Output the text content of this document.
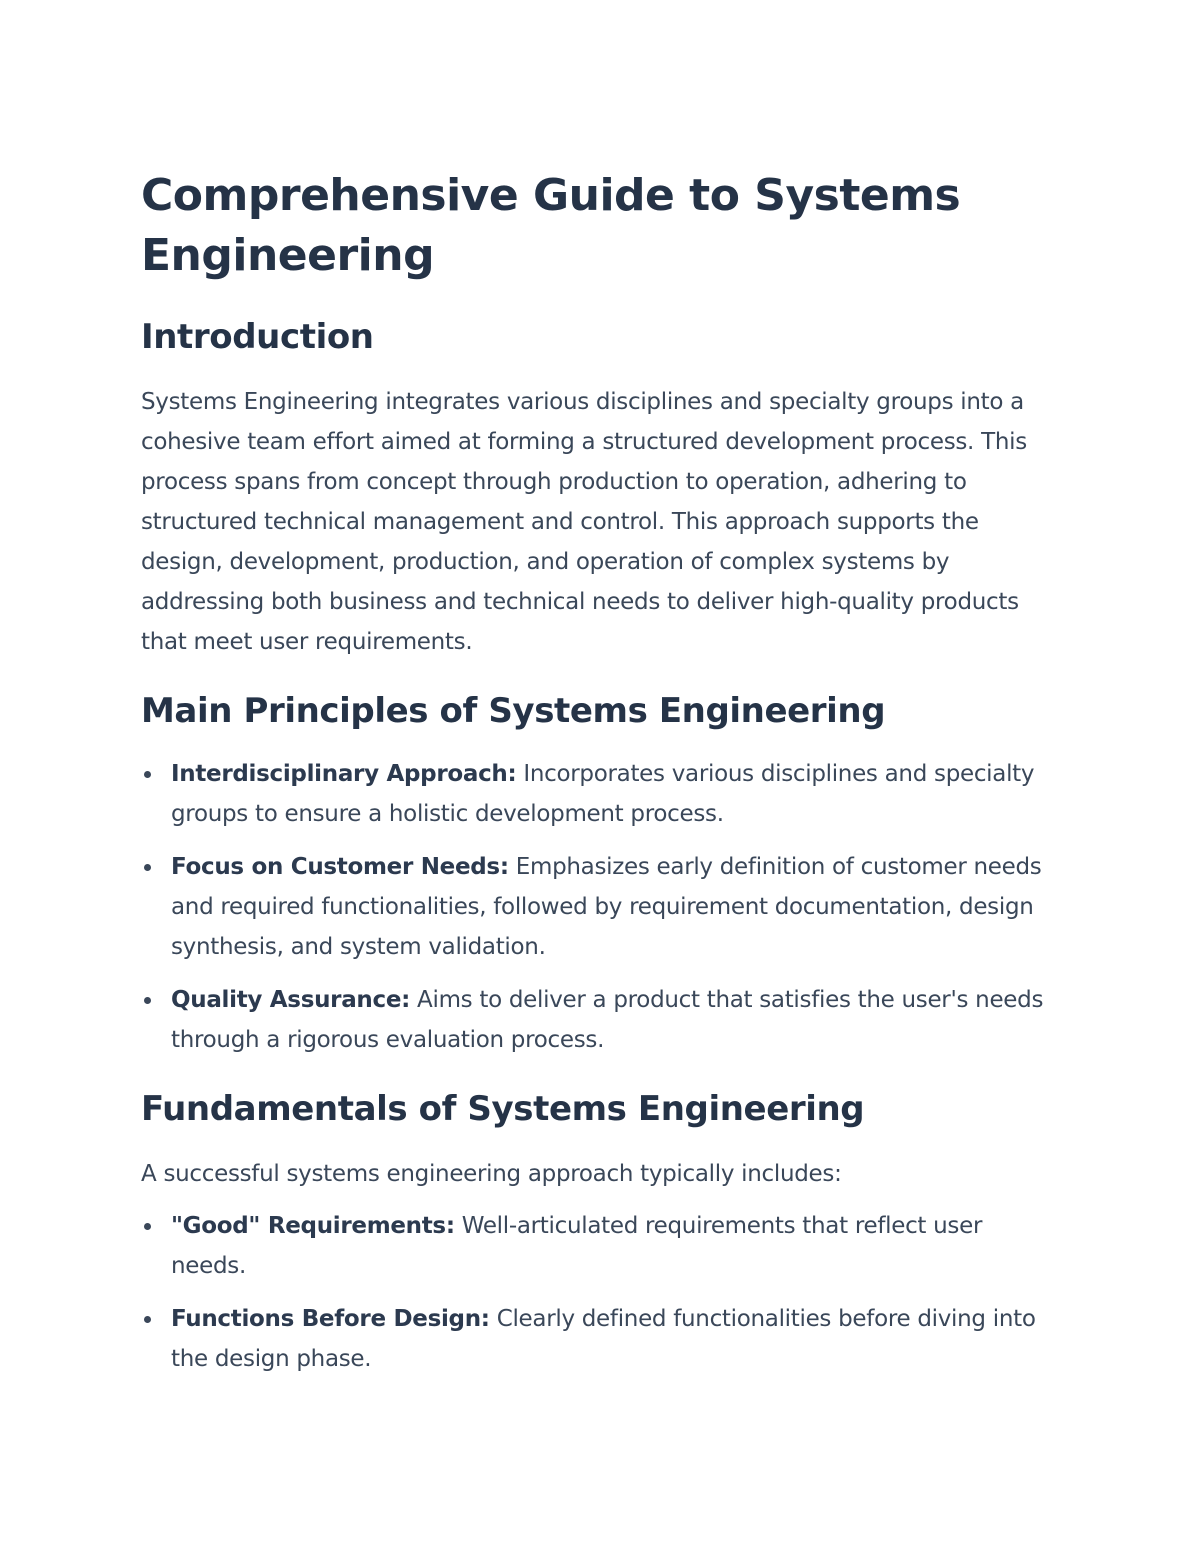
Comprehensive Guide to Systems Engineering
Introduction

Systems Engineering integrates various disciplines and specialty groups into a cohesive team effort aimed at forming a structured development process. This process spans from concept through production to operation, adhering to structured technical management and control. This approach supports the design, development, production, and operation of complex systems by addressing both business and technical needs to deliver high-quality products that meet user requirements.

Main Principles of Systems Engineering
Interdisciplinary Approach: Incorporates various disciplines and specialty groups to ensure a holistic development process.
Focus on Customer Needs: Emphasizes early definition of customer needs and required functionalities, followed by requirement documentation, design synthesis, and system validation.
Quality Assurance: Aims to deliver a product that satisfies the user's needs through a rigorous evaluation process.
Fundamentals of Systems Engineering

A successful systems engineering approach typically includes:

"Good" Requirements: Well-articulated requirements that reflect user needs.
Functions Before Design: Clearly defined functionalities before diving into the design phase.
